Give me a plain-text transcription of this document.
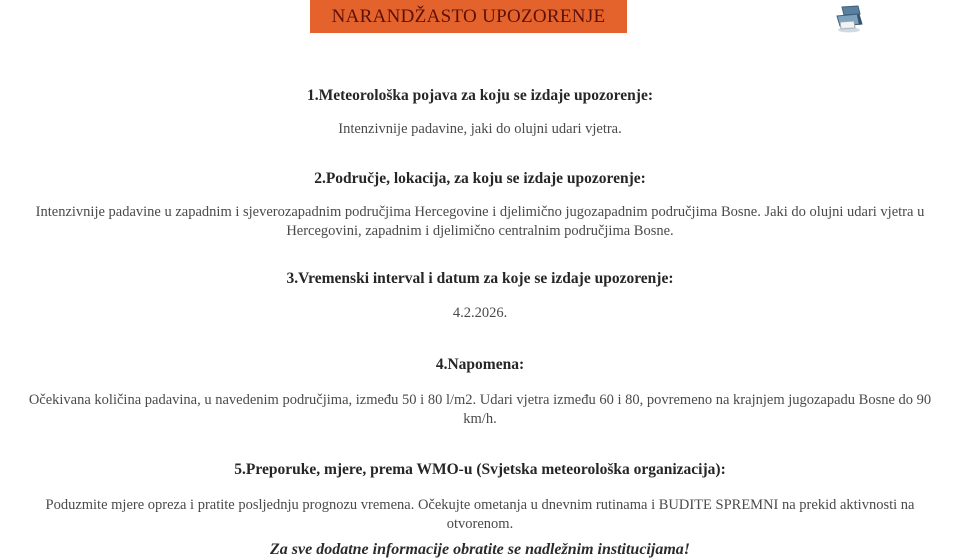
NARANDŽASTO UPOZORENJE

1.Meteorološka pojava za koju se izdaje upozorenje:

Intenzivnije padavine, jaki do olujni udari vjetra.

2.Područje, lokacija, za koju se izdaje upozorenje:

Intenzivnije padavine u zapadnim i sjeverozapadnim područjima Hercegovine i djelimično jugozapadnim područjima Bosne. Jaki do olujni udari vjetra u Hercegovini, zapadnim i djelimično centralnim područjima Bosne.

3.Vremenski interval i datum za koje se izdaje upozorenje:

4.2.2026.

4.Napomena:

Očekivana količina padavina, u navedenim područjima, između 50 i 80 l/m2. Udari vjetra između 60 i 80, povremeno na krajnjem jugozapadu Bosne do 90 km/h.

5.Preporuke, mjere, prema WMO-u (Svjetska meteorološka organizacija):

Poduzmite mjere opreza i pratite posljednju prognozu vremena. Očekujte ometanja u dnevnim rutinama i BUDITE SPREMNI na prekid aktivnosti na otvorenom.

Za sve dodatne informacije obratite se nadležnim institucijama!
